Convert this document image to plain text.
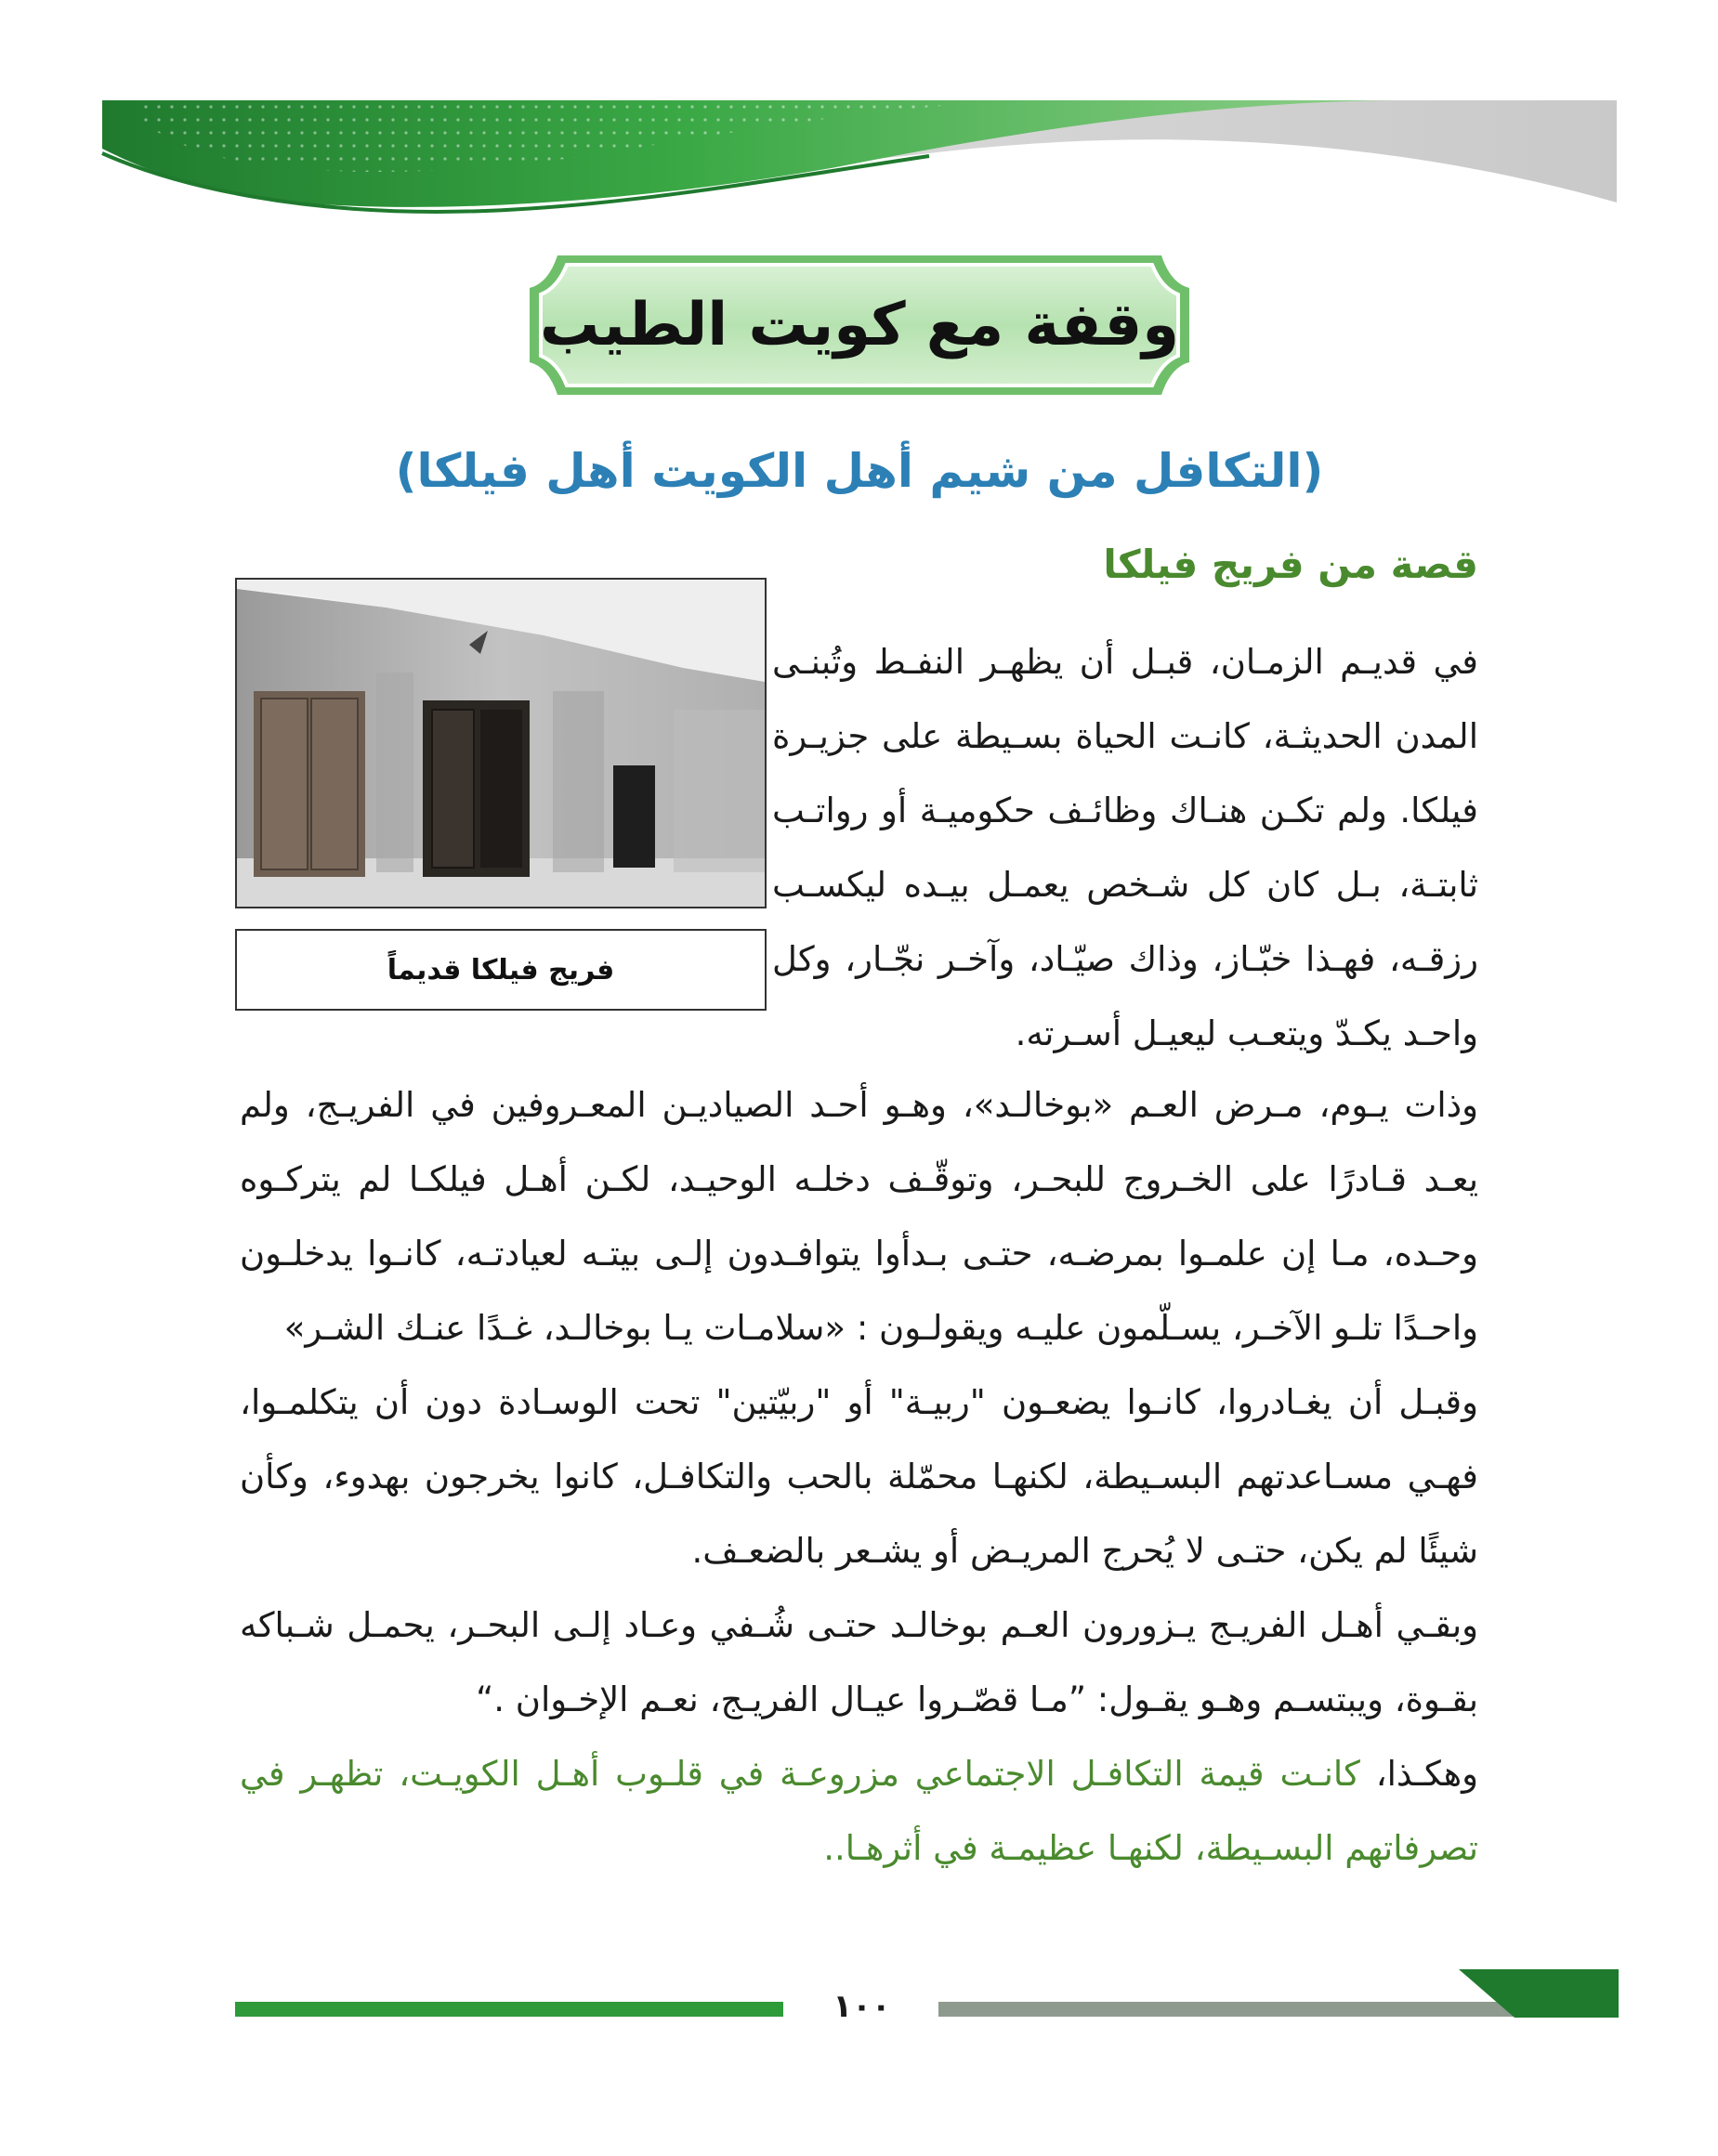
وقفة مع كويت الطيب
(التكافل من شيم أهل الكويت أهل فيلكا)
قصة من فريج فيلكا
فريج فيلكا قديماً

في قديـم الزمـان، قبـل أن يظهـر النفـط وتُبنـى المدن الحديثـة، كانـت الحياة بسـيطة على جزيـرة فيلكا. ولم تكـن هنـاك وظائـف حكوميـة أو رواتـب ثابتـة، بـل كان كل شـخص يعمـل بيـده ليكسـب رزقـه، فهـذا خبّـاز، وذاك صيّـاد، وآخـر نجّـار، وكل واحـد يكـدّ ويتعـب ليعيـل أسـرته.

وذات يـوم، مـرض العـم «بوخالـد»، وهـو أحـد الصياديـن المعـروفين في الفريـج، ولم يعـد قـادرًا على الخـروج للبحـر، وتوقّـف دخلـه الوحيـد، لكـن أهـل فيلكـا لم يتركـوه وحـده، مـا إن علمـوا بمرضـه، حتـى بـدأوا يتوافـدون إلـى بيتـه لعيادتـه، كانـوا يدخلـون واحـدًا تلـو الآخـر، يسـلّمون عليـه ويقولـون : «سلامـات يـا بوخالـد، غـدًا عنـك الشـر»

وقبـل أن يغـادروا، كانـوا يضعـون "ربيـة" أو "ربيّتين" تحت الوسـادة دون أن يتكلمـوا، فهـي مسـاعدتهم البسـيطة، لكنهـا محمّلة بالحب والتكافـل، كانوا يخرجون بهدوء، وكأن شيئًا لم يكن، حتـى لا يُحرج المريـض أو يشـعر بالضعـف.

وبقـي أهـل الفريـج يـزورون العـم بوخالـد حتـى شُـفي وعـاد إلـى البحـر، يحمـل شـباكه بقـوة، ويبتسـم وهـو يقـول: ”مـا قصّـروا عيـال الفريـج، نعـم الإخـوان .“

وهكـذا، كانـت قيمة التكافـل الاجتماعي مزروعـة في قلـوب أهـل الكويـت، تظهـر في تصرفاتهم البسـيطة، لكنهـا عظيمـة في أثرهـا..

١٠٠
